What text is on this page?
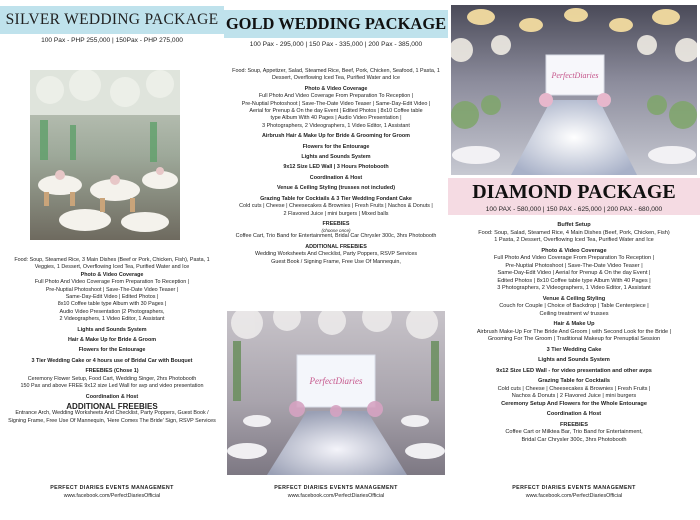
SILVER WEDDING PACKAGE
100 Pax - PHP 255,000 | 150Pax - PHP 275,000
Food: Soup, Steamed Rice, 3 Main Dishes (Beef or Pork, Chicken, Fish), Pasta, 1 Veggies, 1 Dessert, Overflowing Iced Tea, Purified Water and Ice
Photo & Video Coverage
Full Photo And Video Coverage From Preparation To Reception |
Pre-Nuptial Photoshoot | Save-The-Date Video Teaser |
Same-Day-Edit Video | Edited Photos |
8x10 Coffee table type Album with 30 Pages |
Audio Video Presentation |2 Photographers,
2 Videographers, 1 Video Editor, 1 Assistant
Lights and Sounds System
Hair & Make Up for Bride & Groom
Flowers for the Entourage
3 Tier Wedding Cake or 4 hours use of Bridal Car with Bouquet
FREEBIES (Chose 1)
Ceremony Flower Setup, Food Cart, Wedding Singer, 2hrs Photobooth
150 Pax and above FREE 9x12 size Led Wall for avp and video presentation
Coordination & Host
ADDITIONAL FREEBIES
Entrance Arch, Wedding Worksheets And Checklist, Party Poppers, Guest Book /
Signing Frame, Free Use Of Mannequin, 'Here Comes The Bride' Sign, RSVP Services
PERFECT DIARIES EVENTS MANAGEMENT
www.facebook.com/PerfectDiariesOfficial
GOLD WEDDING PACKAGE
100 Pax - 295,000 | 150 Pax - 335,000 | 200 Pax - 385,000
Food: Soup, Appetizer, Salad, Steamed Rice, Beef, Pork, Chicken, Seafood, 1 Pasta, 1 Dessert, Overflowing Iced Tea, Purified Water and Ice
Photo & Video Coverage
Full Photo And Video Coverage From Preparation To Reception |
Pre-Nuptial Photoshoot | Save-The-Date Video Teaser | Same-Day-Edit Video |
Aerial for Prenup & On the day Event | Edited Photos | 8x10 Coffee table
type Album With 40 Pages | Audio Video Presentation |
3 Photographers, 2 Videographers, 1 Video Editor, 1 Assistant
Airbrush Hair & Make Up for Bride & Grooming for Groom
Flowers for the Entourage
Lights and Sounds System
9x12 Size LED Wall | 3 Hours Photobooth
Coordination & Host
Venue & Ceiling Styling (trusses not included)
Grazing Table for Cocktails & 3 Tier Wedding Fondant Cake
Cold cuts | Cheese | Cheesecakes & Brownies | Fresh Fruits | Nachos & Donuts |
2 Flavored Juice | mini burgers | Mixed balls
FREEBIES
(choose once)
Coffee Cart, Trio Band for Entertainment, Bridal Car Chrysler 300c, 3hrs Photobooth
ADDITIONAL FREEBIES
Wedding Worksheets And Checklist, Party Poppers, RSVP Services
Guest Book / Signing Frame, Free Use Of Mannequin,
PerfectDiaries
PERFECT DIARIES EVENTS MANAGEMENT
www.facebook.com/PerfectDiariesOfficial
PerfectDiaries
DIAMOND PACKAGE
100 PAX - 580,000 | 150 PAX - 625,000 | 200 PAX - 680,000
Buffet Setup
Food: Soup, Salad, Steamed Rice, 4 Main Dishes (Beef, Pork, Chicken, Fish)
1 Pasta, 2 Dessert, Overflowing Iced Tea, Purified Water and Ice
Photo & Video Coverage
Full Photo And Video Coverage From Preparation To Reception |
Pre-Nuptial Photoshoot | Save-The-Date Video Teaser |
Same-Day-Edit Video | Aerial for Prenup & On the day Event |
Edited Photos | 8x10 Coffee table type Album With 40 Pages |
3 Photographers, 2 Videographers, 1 Video Editor, 1 Assistant
Venue & Ceiling Styling
Couch for Couple | Choice of Backdrop | Table Centerpiece |
Ceiling treatment w/ trusses
Hair & Make Up
Airbrush Make-Up For The Bride And Groom | with Second Look for the Bride |
Grooming For The Groom | Traditional Makeup for Prenuptial Session
3 Tier Wedding Cake
Lights and Sounds System
9x12 Size LED Wall - for video presentation and other avps
Grazing Table for Cocktails
Cold cuts | Cheese | Cheesecakes & Brownies | Fresh Fruits |
Nachos & Donuts | 2 Flavored Juice | mini burgers
Ceremony Setup And Flowers for the Whole Entourage
Coordination & Host
FREEBIES
Coffee Cart or Milktea Bar, Trio Band for Entertainment,
Bridal Car Chrysler 300c, 3hrs Photobooth
PERFECT DIARIES EVENTS MANAGEMENT
www.facebook.com/PerfectDiariesOfficial
